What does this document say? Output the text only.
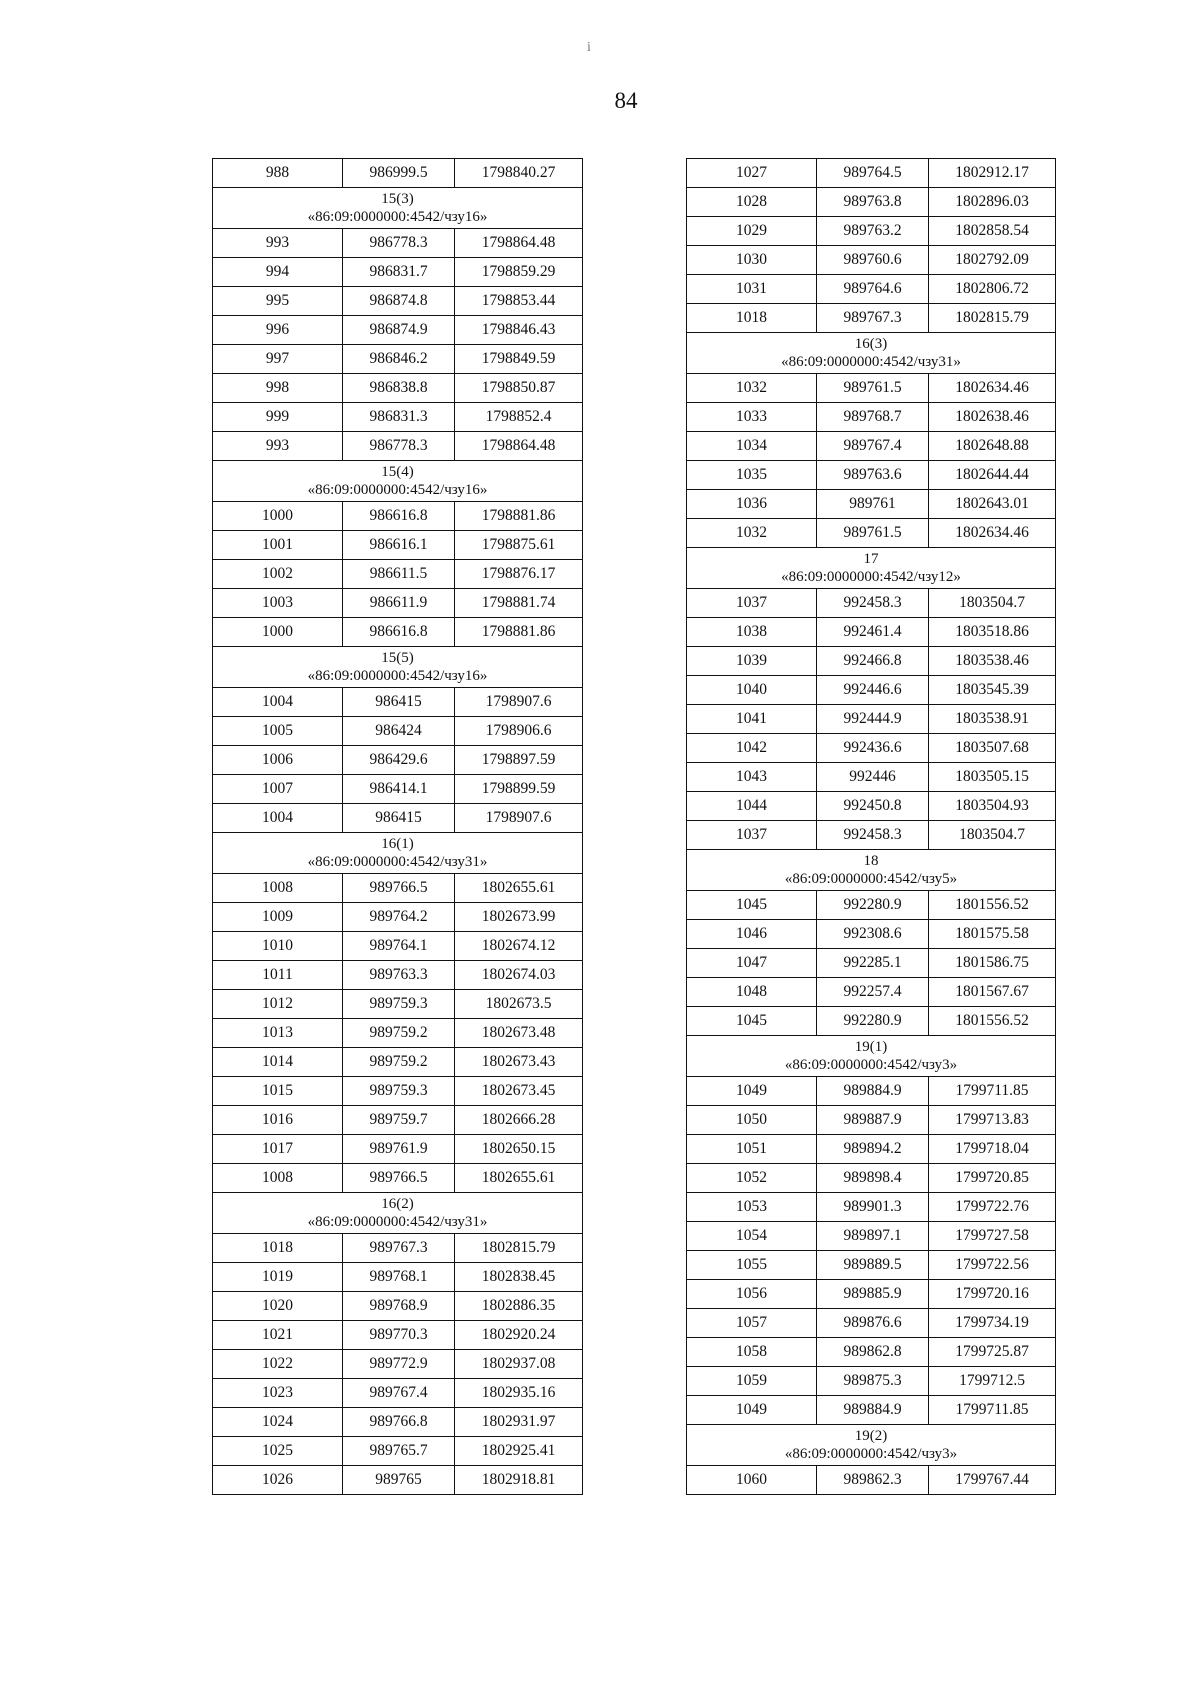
і
84
988	986999.5	1798840.27

15(3)
«86:09:0000000:4542/чзу16»		

993	986778.3	1798864.48
994	986831.7	1798859.29
995	986874.8	1798853.44
996	986874.9	1798846.43
997	986846.2	1798849.59
998	986838.8	1798850.87
999	986831.3	1798852.4
993	986778.3	1798864.48

15(4)
«86:09:0000000:4542/чзу16»		

1000	986616.8	1798881.86
1001	986616.1	1798875.61
1002	986611.5	1798876.17
1003	986611.9	1798881.74
1000	986616.8	1798881.86

15(5)
«86:09:0000000:4542/чзу16»		

1004	986415	1798907.6
1005	986424	1798906.6
1006	986429.6	1798897.59
1007	986414.1	1798899.59
1004	986415	1798907.6

16(1)
«86:09:0000000:4542/чзу31»		

1008	989766.5	1802655.61
1009	989764.2	1802673.99
1010	989764.1	1802674.12
1011	989763.3	1802674.03
1012	989759.3	1802673.5
1013	989759.2	1802673.48
1014	989759.2	1802673.43
1015	989759.3	1802673.45
1016	989759.7	1802666.28
1017	989761.9	1802650.15
1008	989766.5	1802655.61

16(2)
«86:09:0000000:4542/чзу31»		

1018	989767.3	1802815.79
1019	989768.1	1802838.45
1020	989768.9	1802886.35
1021	989770.3	1802920.24
1022	989772.9	1802937.08
1023	989767.4	1802935.16
1024	989766.8	1802931.97
1025	989765.7	1802925.41
1026	989765	1802918.81
1027	989764.5	1802912.17
1028	989763.8	1802896.03
1029	989763.2	1802858.54
1030	989760.6	1802792.09
1031	989764.6	1802806.72
1018	989767.3	1802815.79

16(3)
«86:09:0000000:4542/чзу31»		

1032	989761.5	1802634.46
1033	989768.7	1802638.46
1034	989767.4	1802648.88
1035	989763.6	1802644.44
1036	989761	1802643.01
1032	989761.5	1802634.46

17
«86:09:0000000:4542/чзу12»		

1037	992458.3	1803504.7
1038	992461.4	1803518.86
1039	992466.8	1803538.46
1040	992446.6	1803545.39
1041	992444.9	1803538.91
1042	992436.6	1803507.68
1043	992446	1803505.15
1044	992450.8	1803504.93
1037	992458.3	1803504.7

18
«86:09:0000000:4542/чзу5»		

1045	992280.9	1801556.52
1046	992308.6	1801575.58
1047	992285.1	1801586.75
1048	992257.4	1801567.67
1045	992280.9	1801556.52

19(1)
«86:09:0000000:4542/чзу3»		

1049	989884.9	1799711.85
1050	989887.9	1799713.83
1051	989894.2	1799718.04
1052	989898.4	1799720.85
1053	989901.3	1799722.76
1054	989897.1	1799727.58
1055	989889.5	1799722.56
1056	989885.9	1799720.16
1057	989876.6	1799734.19
1058	989862.8	1799725.87
1059	989875.3	1799712.5
1049	989884.9	1799711.85

19(2)
«86:09:0000000:4542/чзу3»		

1060	989862.3	1799767.44
